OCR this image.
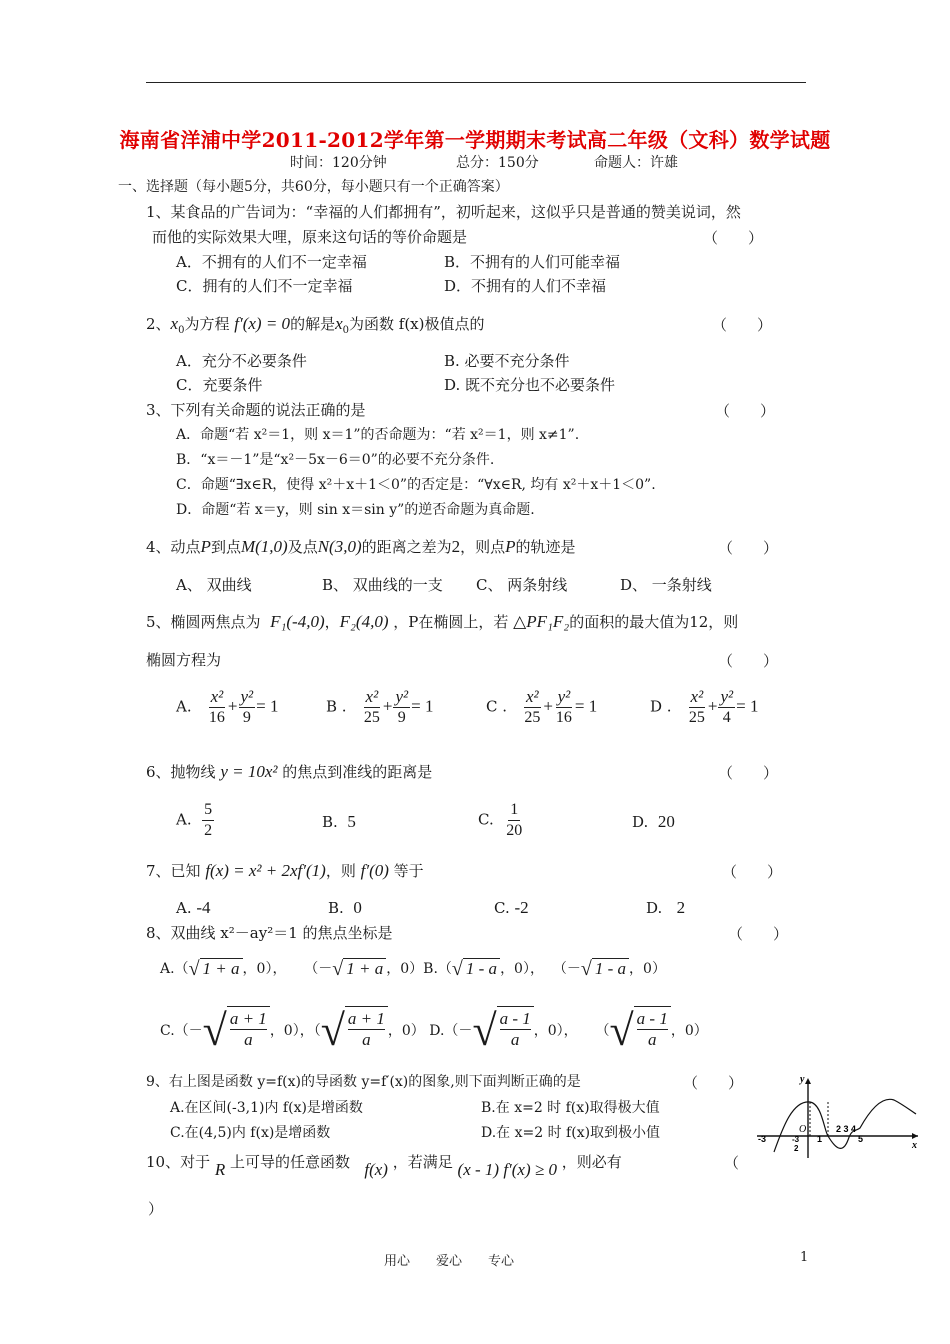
海南省洋浦中学2011-2012学年第一学期期末考试高二年级（文科）数学试题
时间：120分钟	总分：150分	命题人：许雄
一、选择题（每小题5分，共60分，每小题只有一个正确答案）
1、某食品的广告词为：“幸福的人们都拥有”，初听起来，这似乎只是普通的赞美说词，然
而他的实际效果大哩，原来这句话的等价命题是	（　　）
A．不拥有的人们不一定幸福	B．不拥有的人们可能幸福
C．拥有的人们不一定幸福	D．不拥有的人们不幸福
2、$x_0$为方程 f′(x) = 0的解是$x_0$为函数 f(x)极值点的	（　　）
A．充分不必要条件	B. 必要不充分条件
C．充要条件	D. 既不充分也不必要条件
3、下列有关命题的说法正确的是	（　　）
A．命题“若 x²＝1，则 x＝1”的否命题为：“若 x²＝1，则 x≠1”.
B．“x＝－1”是“x²－5x－6＝0”的必要不充分条件.
C．命题“∃x∈R，使得 x²＋x＋1＜0”的否定是：“∀x∈R, 均有 x²＋x＋1＜0”.
D．命题“若 x＝y，则 sin x＝sin y”的逆否命题为真命题.
4、动点P到点M(1,0)及点N(3,0)的距离之差为2，则点P的轨迹是	（　　）
A、 双曲线	B、 双曲线的一支 C、 两条射线	D、 一条射线
5、椭圆两焦点为 F₁(-4,0)，F₂(4,0) ，P在椭圆上，若 △PF₁F₂的面积的最大值为12，则
椭圆方程为	（　　）
A. $\frac{\text{x²}}{16} + \frac{\text{y²}}{9} = 1$	B . $\frac{\text{x²}}{25} + \frac{\text{y²}}{9} = 1$	C . $\frac{\text{x²}}{25} + \frac{\text{y²}}{16} = 1$	D . $\frac{\text{x²}}{25} + \frac{\text{y²}}{4} = 1$
6、抛物线 y = 10x² 的焦点到准线的距离是	（　　）
A. $\frac{5}{2}$	B. 5	C. $\frac{1}{20}$	D. 20
7、已知 f(x) = x² + 2xf′(1)，则 f′(0) 等于	（　　）
A. -4	B. 0	C. -2	D. 2
8、双曲线 x²－ay²＝1 的焦点坐标是	（　　）
A.（ √ 1 + a ，0）， （－ √ 1 + a ，0）B.（ √ 1 - a ，0）， （－ √ 1 - a ，0）
C.（－ √ a + 1
a ，0），（ √ a + 1
a ，0） D.（－ √ a - 1
a ，0）， （ √ a - 1
a ，0）
9、右上图是函数 y=f(x)的导函数 y=f′(x)的图象,则下面判断正确的是	（　　）
A.在区间(-3,1)内 f(x)是增函数	B.在 x=2 时 f(x)取得极大值
C.在(4,5)内 f(x)是增函数	D.在 x=2 时 f(x)取到极小值
y
x
O
-3	-3
2
1
2 3 4
5
10、对于 R 上可导的任意函数 f(x) ，若满足 (x - 1) f′(x) ≥ 0 ，则必有	（
）
用心　　爱心　　专心	1
